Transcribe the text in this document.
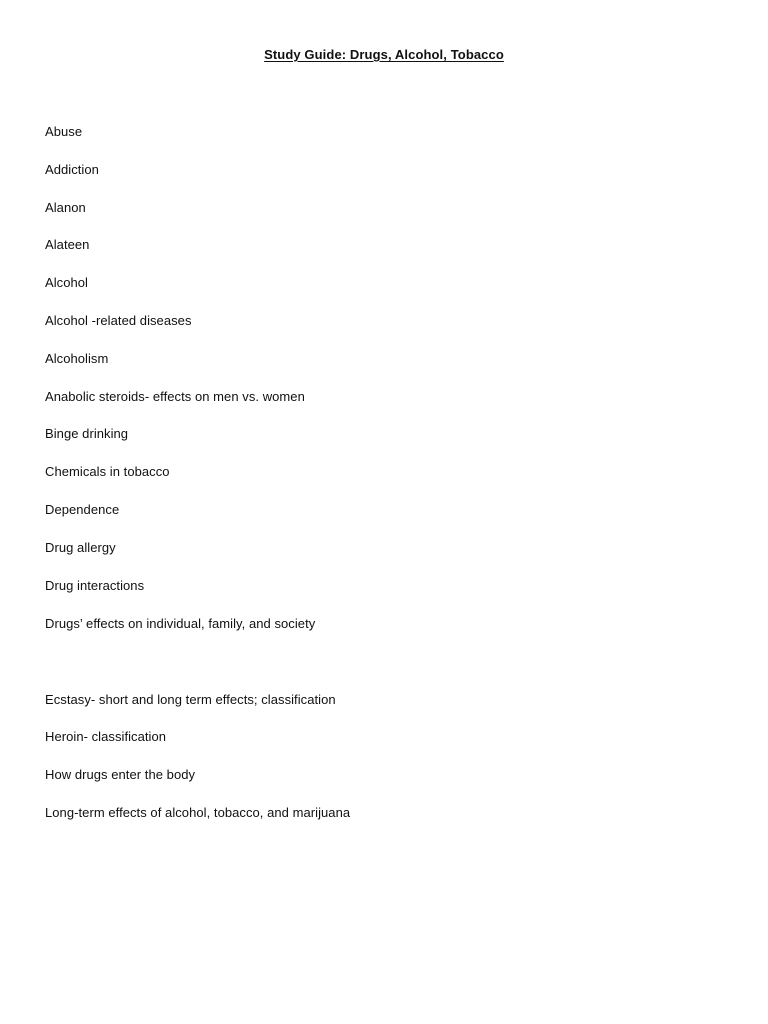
Study Guide: Drugs, Alcohol, Tobacco
Abuse
Addiction
Alanon
Alateen
Alcohol
Alcohol -related diseases
Alcoholism
Anabolic steroids- effects on men vs. women
Binge drinking
Chemicals in tobacco
Dependence
Drug allergy
Drug interactions
Drugs’ effects on individual, family, and society
Ecstasy- short and long term effects; classification
Heroin- classification
How drugs enter the body
Long-term effects of alcohol, tobacco, and marijuana
